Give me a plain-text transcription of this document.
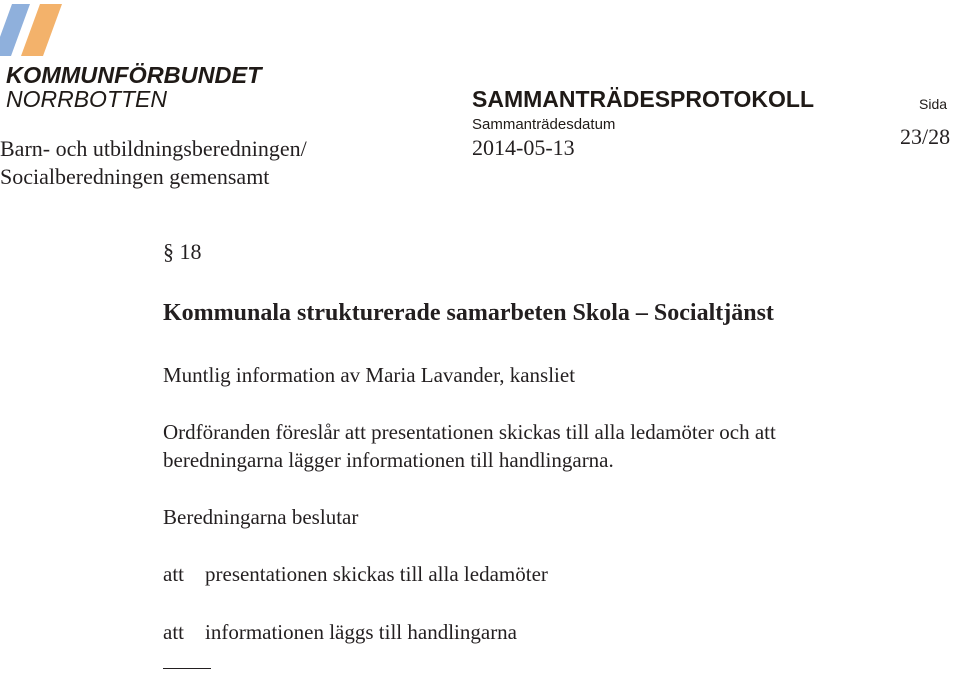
KOMMUNFÖRBUNDET
NORRBOTTEN	SAMMANTRÄDESPROTOKOLL	Sida
Sammanträdesdatum
2014-05-13	23/28
Barn- och utbildningsberedningen/
Socialberedningen gemensamt
§ 18
Kommunala strukturerade samarbeten Skola – Socialtjänst
Muntlig information av Maria Lavander, kansliet
Ordföranden föreslår att presentationen skickas till alla ledamöter och att
beredningarna lägger informationen till handlingarna.
Beredningarna beslutar
att presentationen skickas till alla ledamöter
att informationen läggs till handlingarna
